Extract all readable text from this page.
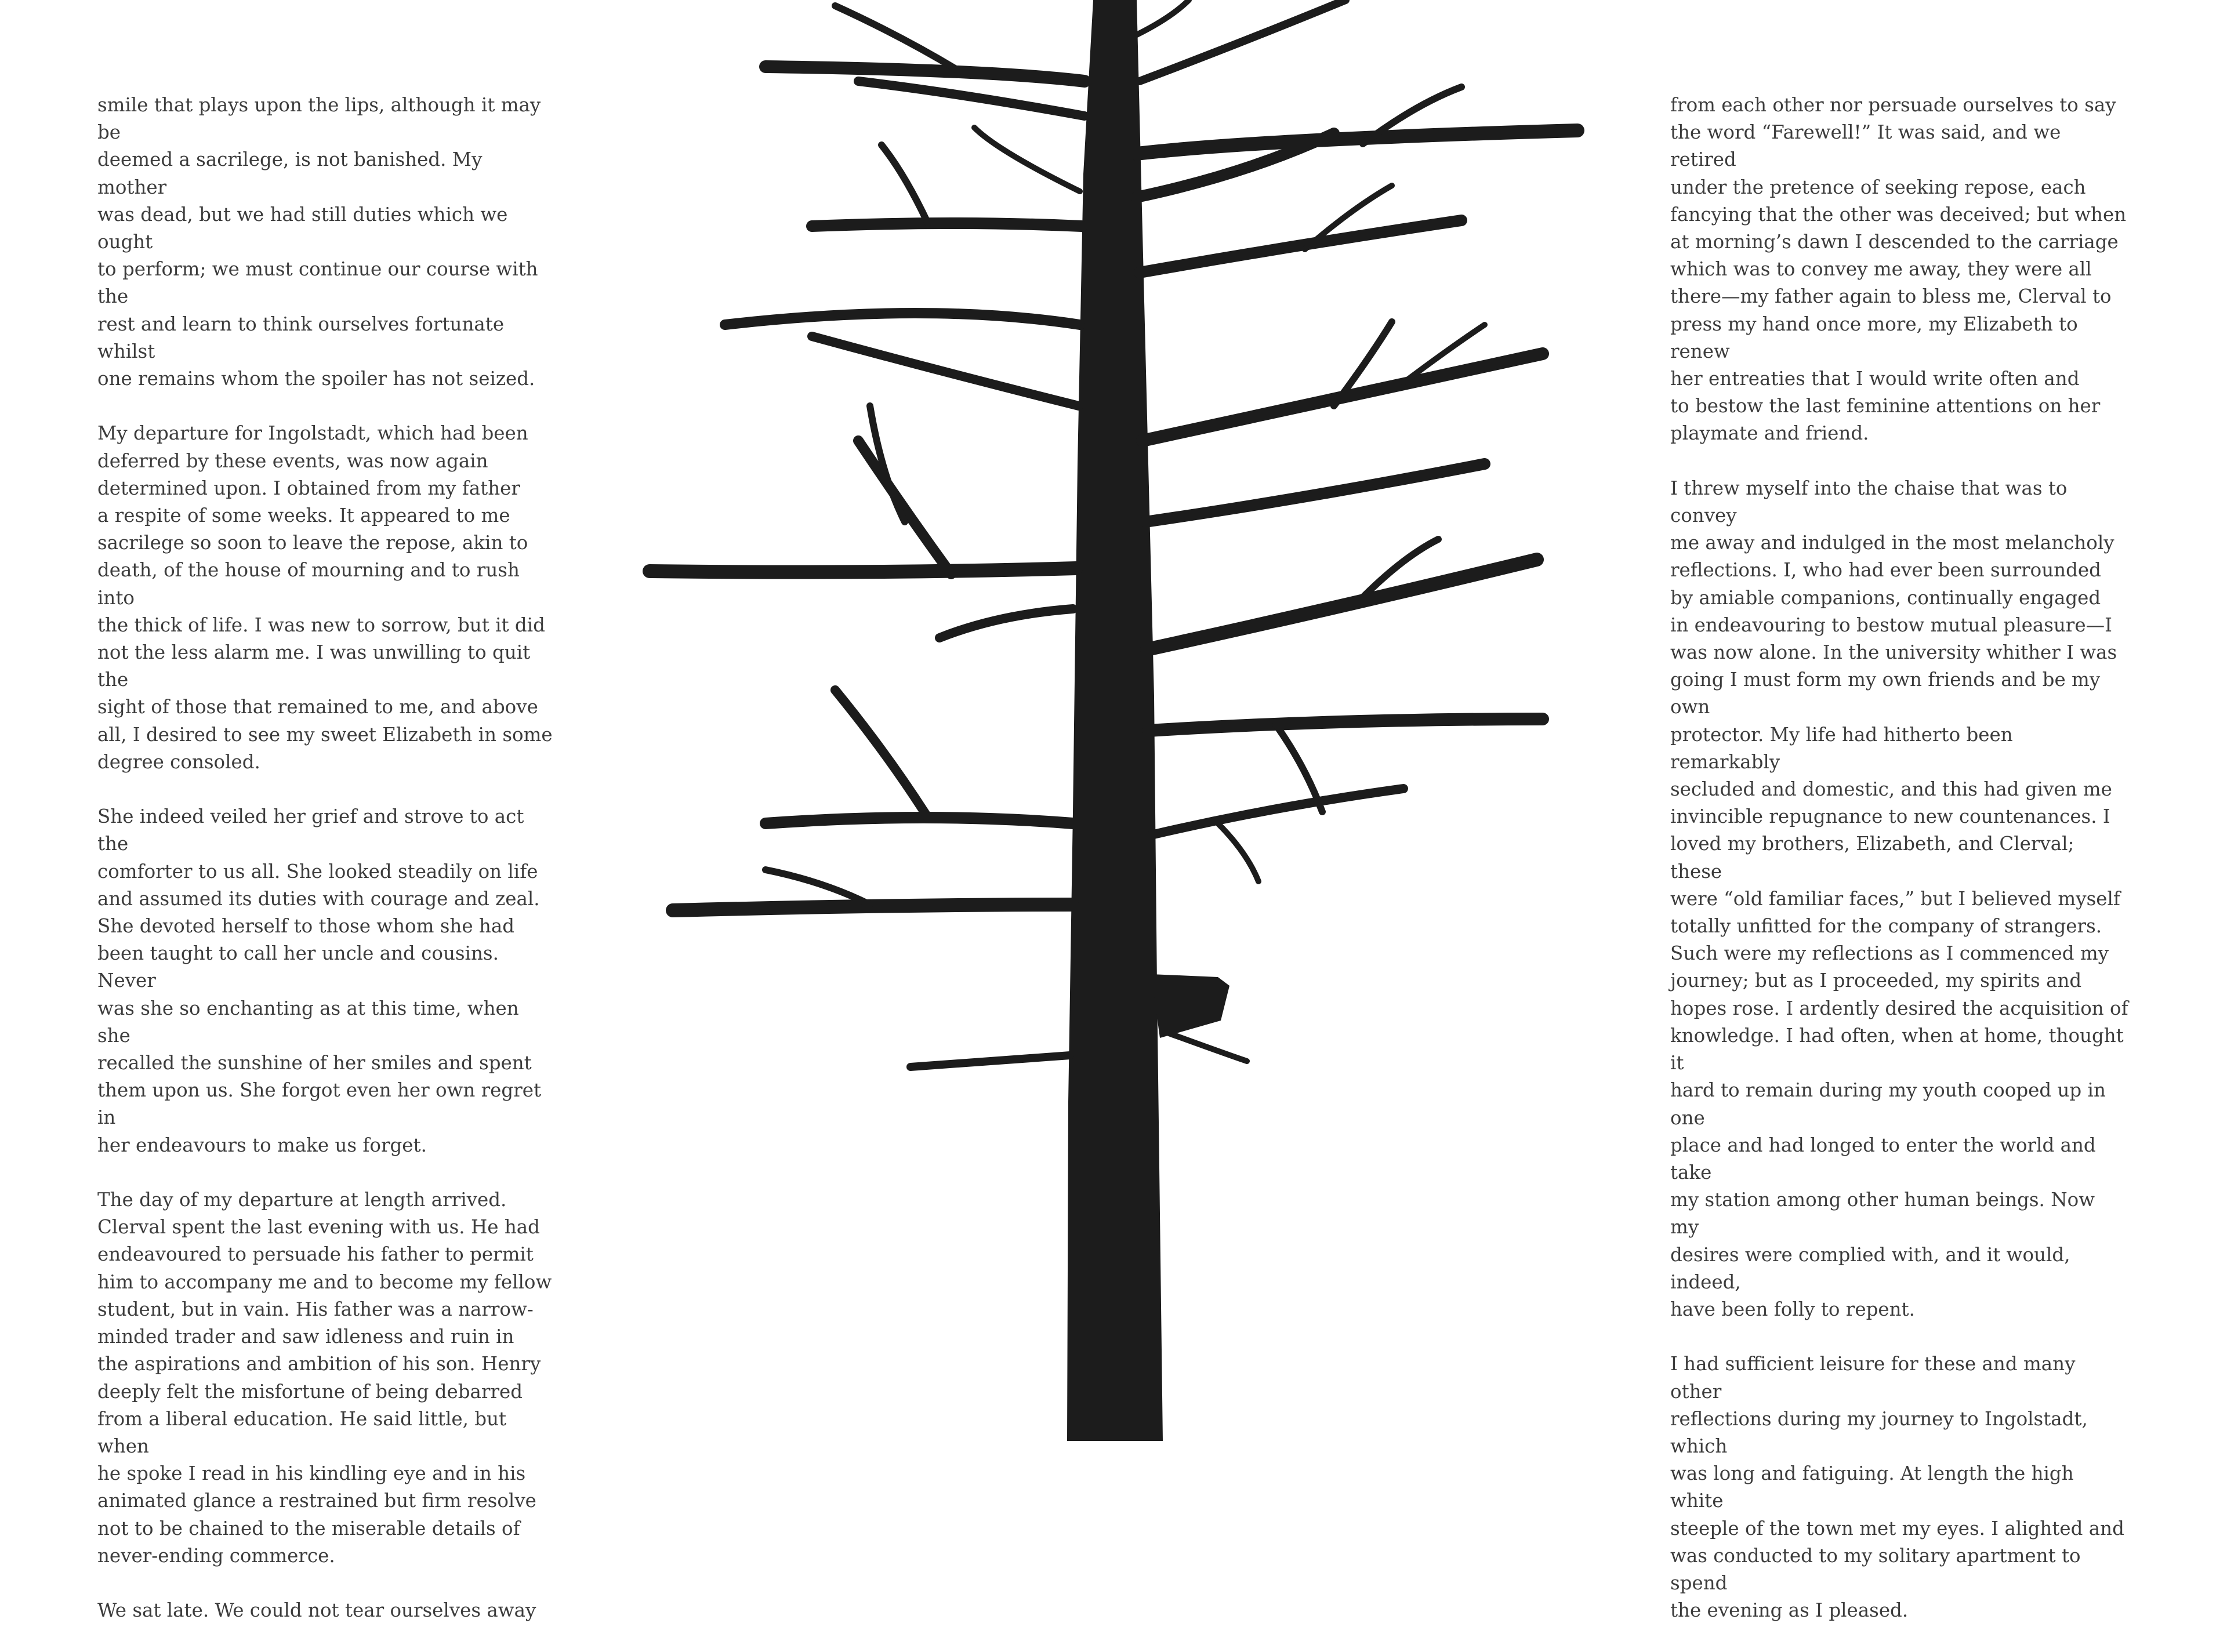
smile that plays upon the lips, although it may be
deemed a sacrilege, is not banished. My mother
was dead, but we had still duties which we ought
to perform; we must continue our course with the
rest and learn to think ourselves fortunate whilst
one remains whom the spoiler has not seized.

My departure for Ingolstadt, which had been
deferred by these events, was now again
determined upon. I obtained from my father
a respite of some weeks. It appeared to me
sacrilege so soon to leave the repose, akin to
death, of the house of mourning and to rush into
the thick of life. I was new to sorrow, but it did
not the less alarm me. I was unwilling to quit the
sight of those that remained to me, and above
all, I desired to see my sweet Elizabeth in some
degree consoled.

She indeed veiled her grief and strove to act the
comforter to us all. She looked steadily on life
and assumed its duties with courage and zeal.
She devoted herself to those whom she had
been taught to call her uncle and cousins. Never
was she so enchanting as at this time, when she
recalled the sunshine of her smiles and spent
them upon us. She forgot even her own regret in
her endeavours to make us forget.

The day of my departure at length arrived.
Clerval spent the last evening with us. He had
endeavoured to persuade his father to permit
him to accompany me and to become my fellow
student, but in vain. His father was a narrow-
minded trader and saw idleness and ruin in
the aspirations and ambition of his son. Henry
deeply felt the misfortune of being debarred
from a liberal education. He said little, but when
he spoke I read in his kindling eye and in his
animated glance a restrained but firm resolve
not to be chained to the miserable details of
never-ending commerce.

We sat late. We could not tear ourselves away

from each other nor persuade ourselves to say
the word “Farewell!” It was said, and we retired
under the pretence of seeking repose, each
fancying that the other was deceived; but when
at morning’s dawn I descended to the carriage
which was to convey me away, they were all
there—my father again to bless me, Clerval to
press my hand once more, my Elizabeth to renew
her entreaties that I would write often and
to bestow the last feminine attentions on her
playmate and friend.

I threw myself into the chaise that was to convey
me away and indulged in the most melancholy
reflections. I, who had ever been surrounded
by amiable companions, continually engaged
in endeavouring to bestow mutual pleasure—I
was now alone. In the university whither I was
going I must form my own friends and be my own
protector. My life had hitherto been remarkably
secluded and domestic, and this had given me
invincible repugnance to new countenances. I
loved my brothers, Elizabeth, and Clerval; these
were “old familiar faces,” but I believed myself
totally unfitted for the company of strangers.
Such were my reflections as I commenced my
journey; but as I proceeded, my spirits and
hopes rose. I ardently desired the acquisition of
knowledge. I had often, when at home, thought it
hard to remain during my youth cooped up in one
place and had longed to enter the world and take
my station among other human beings. Now my
desires were complied with, and it would, indeed,
have been folly to repent.

I had sufficient leisure for these and many other
reflections during my journey to Ingolstadt, which
was long and fatiguing. At length the high white
steeple of the town met my eyes. I alighted and
was conducted to my solitary apartment to spend
the evening as I pleased.
